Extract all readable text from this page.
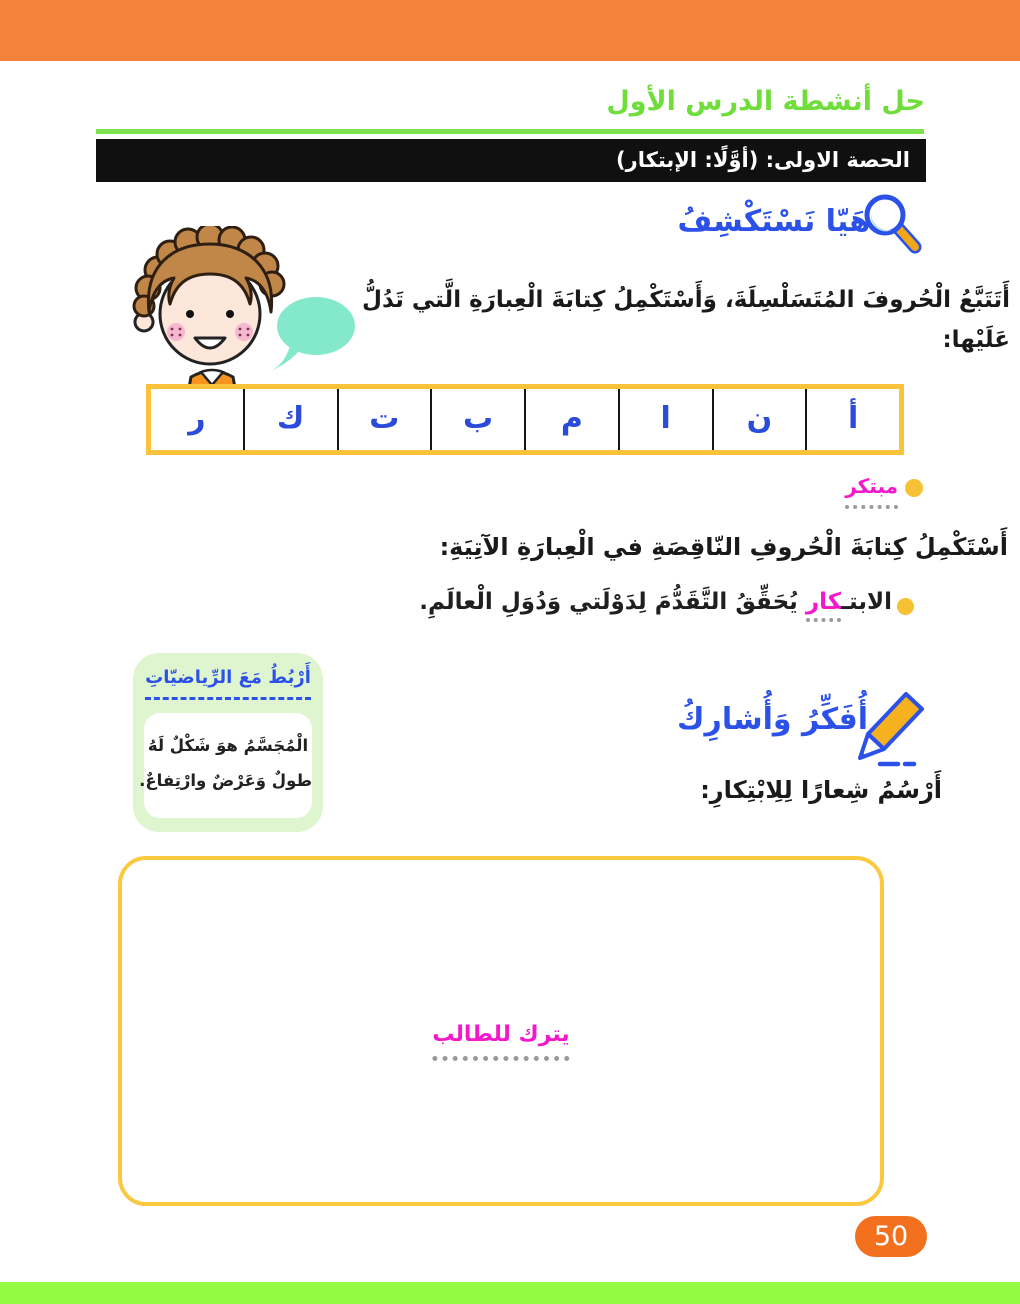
حل أنشطة الدرس الأول
الحصة الاولى: (أوَّلًا: الإبتكار)
هَيّا نَسْتَكْشِفُ
أَتَتَبَّعُ الْحُروفَ المُتَسَلْسِلَةَ، وَأَسْتَكْمِلُ كِتابَةَ الْعِبارَةِ الَّتي تَدُلُّ
عَلَيْها:
أ
ن
ا
م
ب
ت
ك
ر
مبتكر
أَسْتَكْمِلُ كِتابَةَ الْحُروفِ النّاقِصَةِ في الْعِبارَةِ الآتِيَةِ:
الابتـكار يُحَقِّقُ التَّقَدُّمَ لِدَوْلَتي وَدُوَلِ الْعالَمِ.
أَرْبُطُ مَعَ الرِّياضيّاتِ
الْمُجَسَّمُ هوَ شَكْلٌ لَهُ
طولٌ وَعَرْضٌ وارْتِفاعٌ.
أُفَكِّرُ وَأُشارِكُ
أَرْسُمُ شِعارًا لِلِابْتِكارِ:
يترك للطالب
50
